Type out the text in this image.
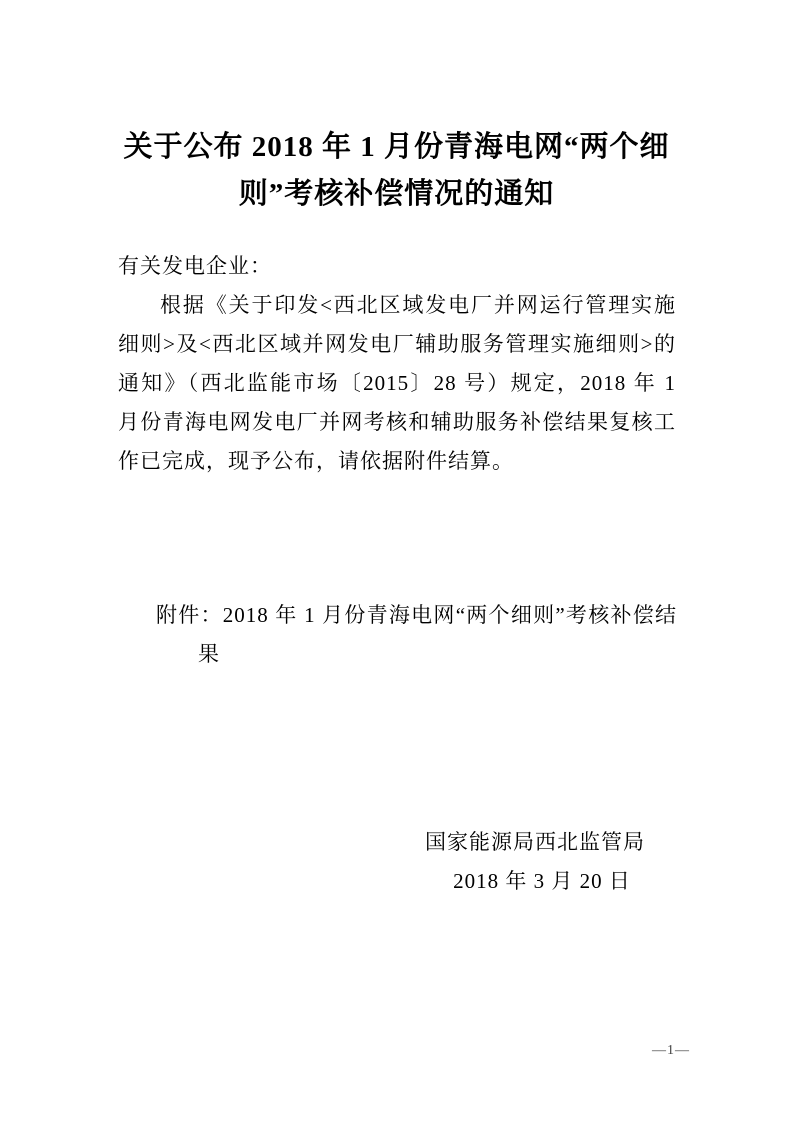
关于公布 2018 年 1 月份青海电网“两个细则”考核补偿情况的通知

有关发电企业：

根据《关于印发<西北区域发电厂并网运行管理实施细则>及<西北区域并网发电厂辅助服务管理实施细则>的通知》（西北监能市场〔2015〕28 号）规定，2018 年 1 月份青海电网发电厂并网考核和辅助服务补偿结果复核工作已完成，现予公布，请依据附件结算。

附件：2018 年 1 月份青海电网“两个细则”考核补偿结果
国家能源局西北监管局
2018 年 3 月 20 日
—1—
